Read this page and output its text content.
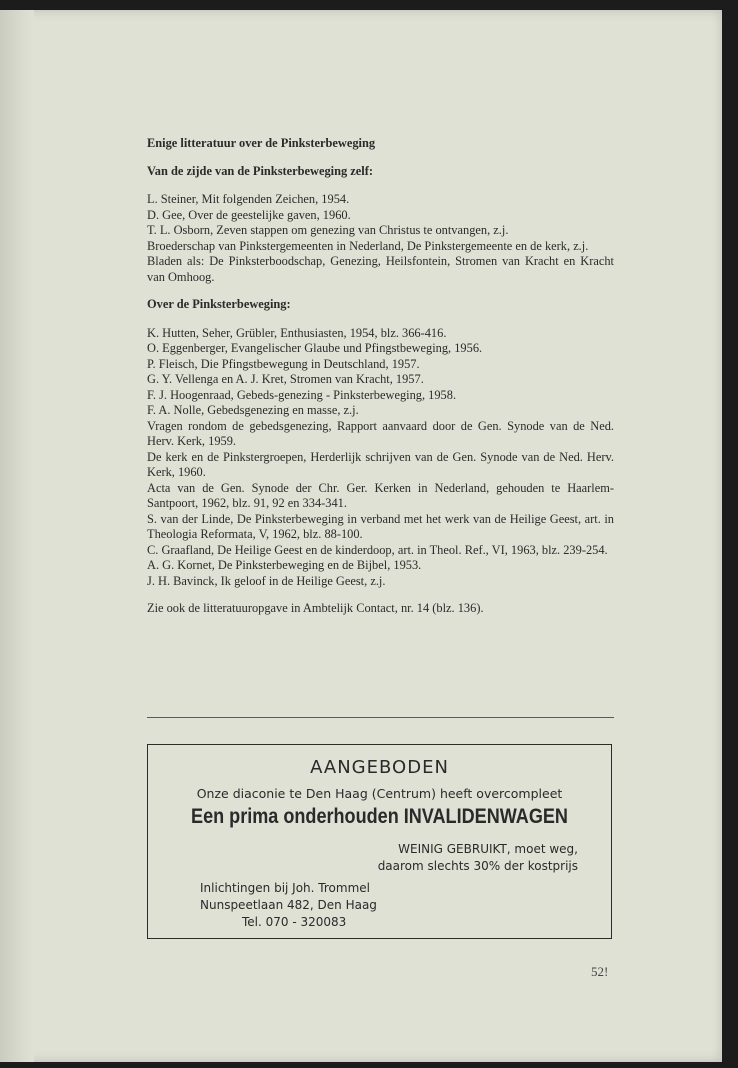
Enige litteratuur over de Pinksterbeweging

Van de zijde van de Pinksterbeweging zelf:

L. Steiner, Mit folgenden Zeichen, 1954.
D. Gee, Over de geestelijke gaven, 1960.
T. L. Osborn, Zeven stappen om genezing van Christus te ontvangen, z.j.
Broederschap van Pinkstergemeenten in Nederland, De Pinkstergemeente en de kerk, z.j.
Bladen als: De Pinksterboodschap, Genezing, Heilsfontein, Stromen van Kracht en Kracht van Omhoog.

Over de Pinksterbeweging:

K. Hutten, Seher, Grübler, Enthusiasten, 1954, blz. 366-416.
O. Eggenberger, Evangelischer Glaube und Pfingstbeweging, 1956.
P. Fleisch, Die Pfingstbewegung in Deutschland, 1957.
G. Y. Vellenga en A. J. Kret, Stromen van Kracht, 1957.
F. J. Hoogenraad, Gebeds-genezing - Pinksterbeweging, 1958.
F. A. Nolle, Gebedsgenezing en masse, z.j.
Vragen rondom de gebedsgenezing, Rapport aanvaard door de Gen. Synode van de Ned. Herv. Kerk, 1959.
De kerk en de Pinkstergroepen, Herderlijk schrijven van de Gen. Synode van de Ned. Herv. Kerk, 1960.
Acta van de Gen. Synode der Chr. Ger. Kerken in Nederland, gehouden te Haarlem-Santpoort, 1962, blz. 91, 92 en 334-341.
S. van der Linde, De Pinksterbeweging in verband met het werk van de Heilige Geest, art. in Theologia Reformata, V, 1962, blz. 88-100.
C. Graafland, De Heilige Geest en de kinderdoop, art. in Theol. Ref., VI, 1963, blz. 239-254.
A. G. Kornet, De Pinksterbeweging en de Bijbel, 1953.
J. H. Bavinck, Ik geloof in de Heilige Geest, z.j.

Zie ook de litteratuuropgave in Ambtelijk Contact, nr. 14 (blz. 136).

AANGEBODEN
Onze diaconie te Den Haag (Centrum) heeft overcompleet
Een prima onderhouden INVALIDENWAGEN
WEINIG GEBRUIKT, moet weg,
daarom slechts 30% der kostprijs
Inlichtingen bij Joh. Trommel
Nunspeetlaan 482, Den Haag
Tel. 070 - 320083
52!
